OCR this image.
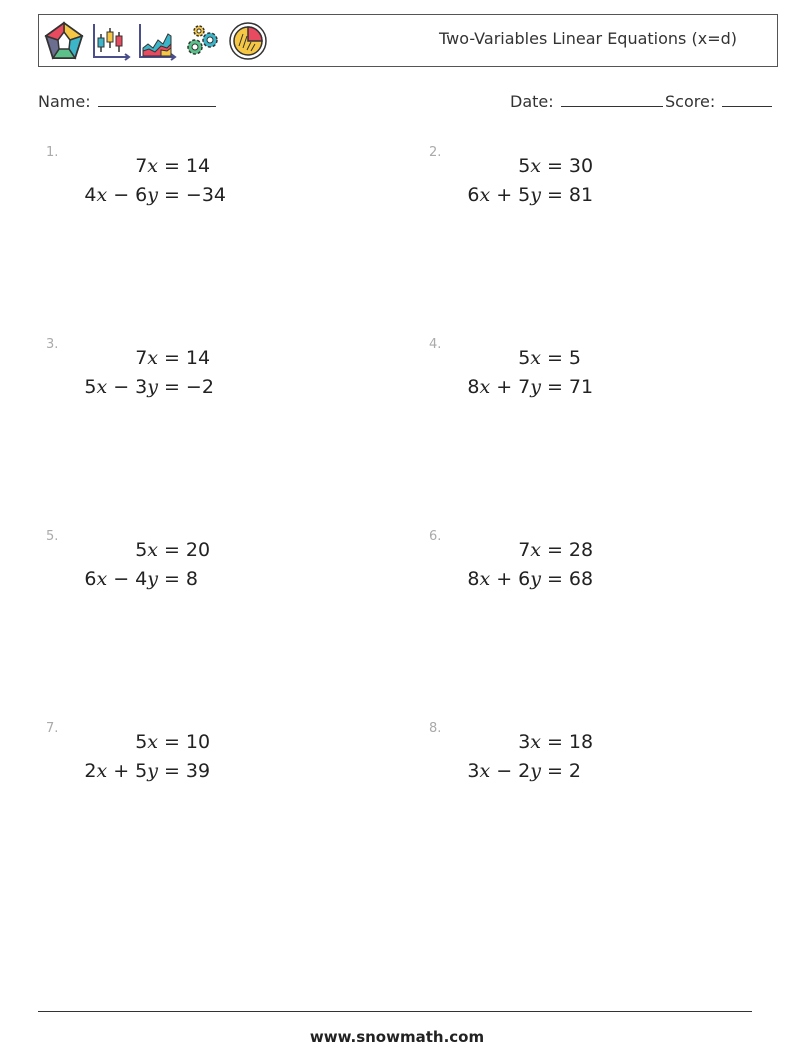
Two-Variables Linear Equations (x=d)
Name:	Date:	Score:
1.
7x = 14
4x − 6y = −34
2.
5x = 30
6x + 5y = 81
3.
7x = 14
5x − 3y = −2
4.
5x = 5
8x + 7y = 71
5.
5x = 20
6x − 4y = 8
6.
7x = 28
8x + 6y = 68
7.
5x = 10
2x + 5y = 39
8.
3x = 18
3x − 2y = 2
www.snowmath.com
